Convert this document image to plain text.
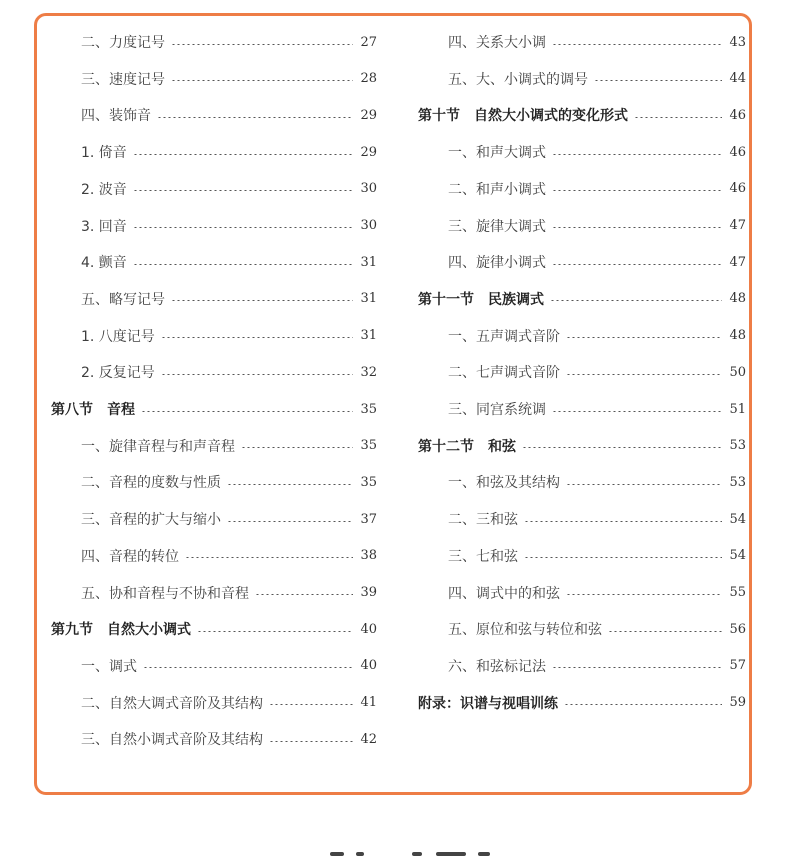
二、力度记号	27
三、速度记号	28
四、装饰音	29
1. 倚音	29
2. 波音	30
3. 回音	30
4. 颤音	31
五、略写记号	31
1. 八度记号	31
2. 反复记号	32
第八节　音程	35
一、旋律音程与和声音程	35
二、音程的度数与性质	35
三、音程的扩大与缩小	37
四、音程的转位	38
五、协和音程与不协和音程	39
第九节　自然大小调式	40
一、调式	40
二、自然大调式音阶及其结构	41
三、自然小调式音阶及其结构	42
四、关系大小调	43
五、大、小调式的调号	44
第十节　自然大小调式的变化形式	46
一、和声大调式	46
二、和声小调式	46
三、旋律大调式	47
四、旋律小调式	47
第十一节　民族调式	48
一、五声调式音阶	48
二、七声调式音阶	50
三、同宫系统调	51
第十二节　和弦	53
一、和弦及其结构	53
二、三和弦	54
三、七和弦	54
四、调式中的和弦	55
五、原位和弦与转位和弦	56
六、和弦标记法	57
附录：识谱与视唱训练	59
